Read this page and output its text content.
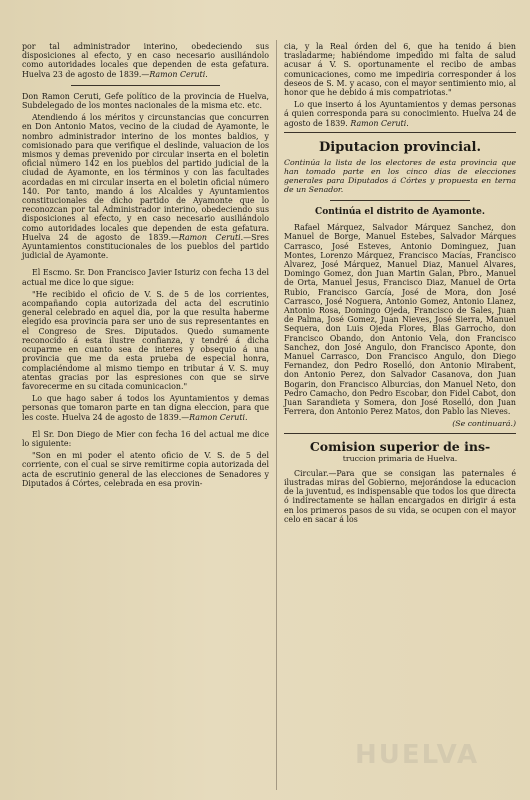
por tal administrador interino, obedeciendo sus disposiciones al efecto, y en caso necesario ausiliándolo como autoridades locales que dependen de esta gefatura. Huelva 23 de agosto de 1839.—Ramon Ceruti.

Don Ramon Ceruti, Gefe político de la provincia de Huelva, Subdelegado de los montes nacionales de la misma etc. etc.

Atendiendo á los méritos y circunstancias que concurren en Don Antonio Matos, vecino de la ciudad de Ayamonte, le nombro administrador interino de los montes baldios, y comisionado para que verifique el deslinde, valuacion de los mismos y demas prevenido por circular inserta en el boletin oficial número 142 en los pueblos del partido judicial de la ciudad de Ayamonte, en los términos y con las facultades acordadas en mi circular inserta en el boletin oficial número 140. Por tanto, mando á los Alcaldes y Ayuntamientos constitucionales de dicho partido de Ayamonte que lo reconozcan por tal Administrador interino, obedeciendo sus disposiciones al efecto, y en caso necesario ausiliándolo como autoridades locales que dependen de esta gefatura. Huelva 24 de agosto de 1839.—Ramon Ceruti.—Sres Ayuntamientos constitucionales de los pueblos del partido judicial de Ayamonte.

El Escmo. Sr. Don Francisco Javier Isturiz con fecha 13 del actual me dice lo que sigue:

"He recibido el oficio de V. S. de 5 de los corrientes, acompañando copia autorizada del acta del escrutinio general celebrado en aquel dia, por la que resulta haberme elegido esa provincia para ser uno de sus representantes en el Congreso de Sres. Diputados. Quedo sumamente reconocido á esta ilustre confianza, y tendré á dicha ocuparme en cuanto sea de interes y obsequio á una provincia que me da esta prueba de especial honra, complaciéndome al mismo tiempo en tributar á V. S. muy atentas gracias por las espresiones con que se sirve favorecerme en su citada comunicacion."

Lo que hago saber á todos los Ayuntamientos y demas personas que tomaron parte en tan digna eleccion, para que les coste. Huelva 24 de agosto de 1839.—Ramon Ceruti.

El Sr. Don Diego de Mier con fecha 16 del actual me dice lo siguiente:

"Son en mi poder el atento oficio de V. S. de 5 del corriente, con el cual se sirve remitirme copia autorizada del acta de escrutinio general de las elecciones de Senadores y Diputados á Córtes, celebrada en esa provin-

cia, y la Real órden del 6, que ha tenido á bien trasladarme; habiéndome impedido mi falta de salud acusar á V. S. oportunamente el recibo de ambas comunicaciones, como me impediria corresponder á los deseos de S. M. y acaso, con el mayor sentimiento mio, al honor que he debido á mis compatriotas."

Lo que inserto á los Ayuntamientos y demas personas á quien corresponda para su conocimiento. Huelva 24 de agosto de 1839. Ramon Ceruti.

Diputacion provincial.

Continúa la lista de los electores de esta provincia que han tomado parte en los cinco dias de elecciones generales para Diputados á Córtes y propuesta en terna de un Senador.

Continúa el distrito de Ayamonte.

Rafael Márquez, Salvador Márquez Sanchez, don Manuel de Borge, Manuel Estebes, Salvador Márques Carrasco, José Esteves, Antonio Dominguez, Juan Montes, Lorenzo Márquez, Francisco Macías, Francisco Alvarez, José Márquez, Manuel Diaz, Manuel Alvares, Domingo Gomez, don Juan Martin Galan, Pbro., Manuel de Orta, Manuel Jesus, Francisco Diaz, Manuel de Orta Rubio, Francisco García, José de Mora, don José Carrasco, José Noguera, Antonio Gomez, Antonio Llanez, Antonio Rosa, Domingo Ojeda, Francisco de Sales, Juan de Palma, José Gomez, Juan Nieves, José Sierra, Manuel Sequera, don Luis Ojeda Flores, Blas Garrocho, don Francisco Obando, don Antonio Vela, don Francisco Sanchez, don José Angulo, don Francisco Aponte, don Manuel Carrasco, Don Francisco Angulo, don Diego Fernandez, don Pedro Roselló, don Antonio Mirabent, don Antonio Perez, don Salvador Casanova, don Juan Bogarin, don Francisco Alburcias, don Manuel Neto, don Pedro Camacho, don Pedro Escobar, don Fidel Cabot, don Juan Sarandieta y Somera, don José Roselló, don Juan Ferrera, don Antonio Perez Matos, don Pablo las Nieves.

(Se continuará.)
Comision superior de ins-
truccion primaria de Huelva.

Circular.—Para que se consigan las paternales é ilustradas miras del Gobierno, mejorándose la educacion de la juventud, es indispensable que todos los que directa ó indirectamente se hallan encargados en dirigir á esta en los primeros pasos de su vida, se ocupen con el mayor celo en sacar á los

HUELVA
